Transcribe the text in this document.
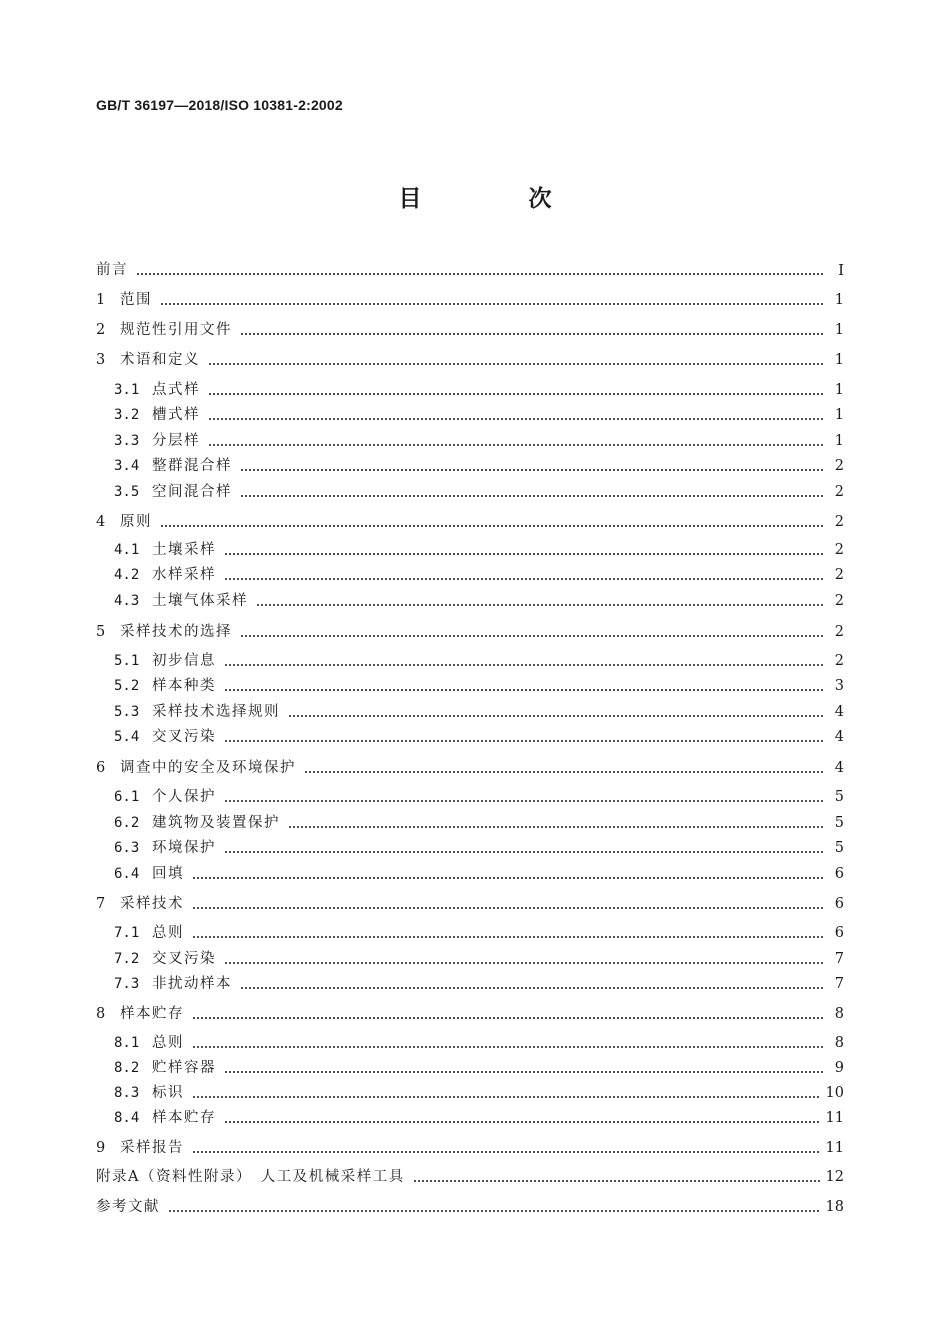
GB/T 36197—2018/ISO 10381-2:2002
目　次
前言	Ⅰ
1	范围	1
2	规范性引用文件	1
3	术语和定义	1
3.1 点式样	1
3.2 槽式样	1
3.3 分层样	1
3.4 整群混合样	2
3.5 空间混合样	2
4	原则	2
4.1 土壤采样	2
4.2 水样采样	2
4.3 土壤气体采样	2
5	采样技术的选择	2
5.1 初步信息	2
5.2 样本种类	3
5.3 采样技术选择规则	4
5.4 交叉污染	4
6	调查中的安全及环境保护	4
6.1 个人保护	5
6.2 建筑物及装置保护	5
6.3 环境保护	5
6.4 回填	6
7	采样技术	6
7.1 总则	6
7.2 交叉污染	7
7.3 非扰动样本	7
8	样本贮存	8
8.1 总则	8
8.2 贮样容器	9
8.3 标识	10
8.4 样本贮存	11
9	采样报告	11
附录A（资料性附录）　人工及机械采样工具	12
参考文献	18
